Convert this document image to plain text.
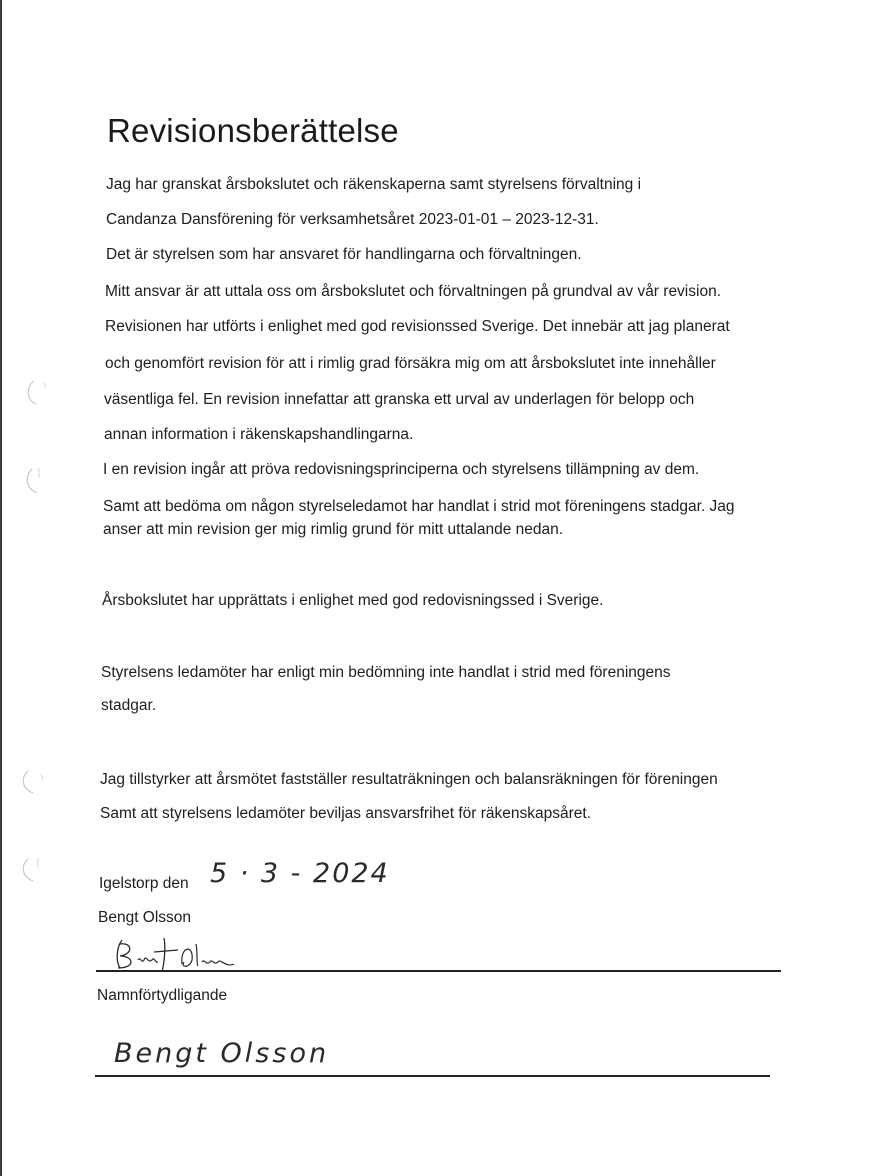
Revisionsberättelse
Jag har granskat årsbokslutet och räkenskaperna samt styrelsens förvaltning i
Candanza Dansförening för verksamhetsåret 2023-01-01 – 2023-12-31.
Det är styrelsen som har ansvaret för handlingarna och förvaltningen.
Mitt ansvar är att uttala oss om årsbokslutet och förvaltningen på grundval av vår revision.
Revisionen har utförts i enlighet med god revisionssed Sverige. Det innebär att jag planerat
och genomfört revision för att i rimlig grad försäkra mig om att årsbokslutet inte innehåller
väsentliga fel. En revision innefattar att granska ett urval av underlagen för belopp och
annan information i räkenskapshandlingarna.
I en revision ingår att pröva redovisningsprinciperna och styrelsens tillämpning av dem.
Samt att bedöma om någon styrelseledamot har handlat i strid mot föreningens stadgar. Jag
anser att min revision ger mig rimlig grund för mitt uttalande nedan.
Årsbokslutet har upprättats i enlighet med god redovisningssed i Sverige.
Styrelsens ledamöter har enligt min bedömning inte handlat i strid med föreningens
stadgar.
Jag tillstyrker att årsmötet fastställer resultaträkningen och balansräkningen för föreningen
Samt att styrelsens ledamöter beviljas ansvarsfrihet för räkenskapsåret.
Igelstorp den 5 · 3 - 2024
Bengt Olsson
Namnförtydligande
Bengt Olsson
